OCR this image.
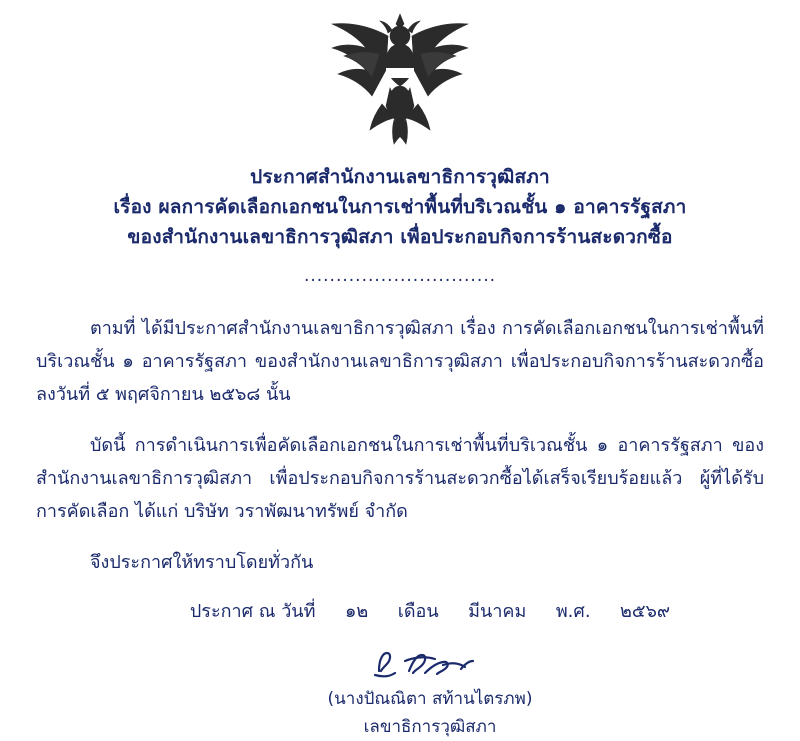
ประกาศสำนักงานเลขาธิการวุฒิสภา
เรื่อง ผลการคัดเลือกเอกชนในการเช่าพื้นที่บริเวณชั้น ๑ อาคารรัฐสภา
ของสำนักงานเลขาธิการวุฒิสภา เพื่อประกอบกิจการร้านสะดวกซื้อ
..............................

ตามที่ ได้มีประกาศสำนักงานเลขาธิการวุฒิสภา เรื่อง การคัดเลือกเอกชนในการเช่าพื้นที่บริเวณชั้น ๑ อาคารรัฐสภา ของสำนักงานเลขาธิการวุฒิสภา เพื่อประกอบกิจการร้านสะดวกซื้อ ลงวันที่ ๕ พฤศจิกายน ๒๕๖๘ นั้น

บัดนี้ การดำเนินการเพื่อคัดเลือกเอกชนในการเช่าพื้นที่บริเวณชั้น ๑ อาคารรัฐสภา ของสำนักงานเลขาธิการวุฒิสภา เพื่อประกอบกิจการร้านสะดวกซื้อได้เสร็จเรียบร้อยแล้ว ผู้ที่ได้รับการคัดเลือก ได้แก่ บริษัท วราพัฒนาทรัพย์ จำกัด

จึงประกาศให้ทราบโดยทั่วกัน

ประกาศ ณ วันที่ ๑๒ เดือน มีนาคม พ.ศ. ๒๕๖๙
(นางปัณณิตา สท้านไตรภพ)
เลขาธิการวุฒิสภา
